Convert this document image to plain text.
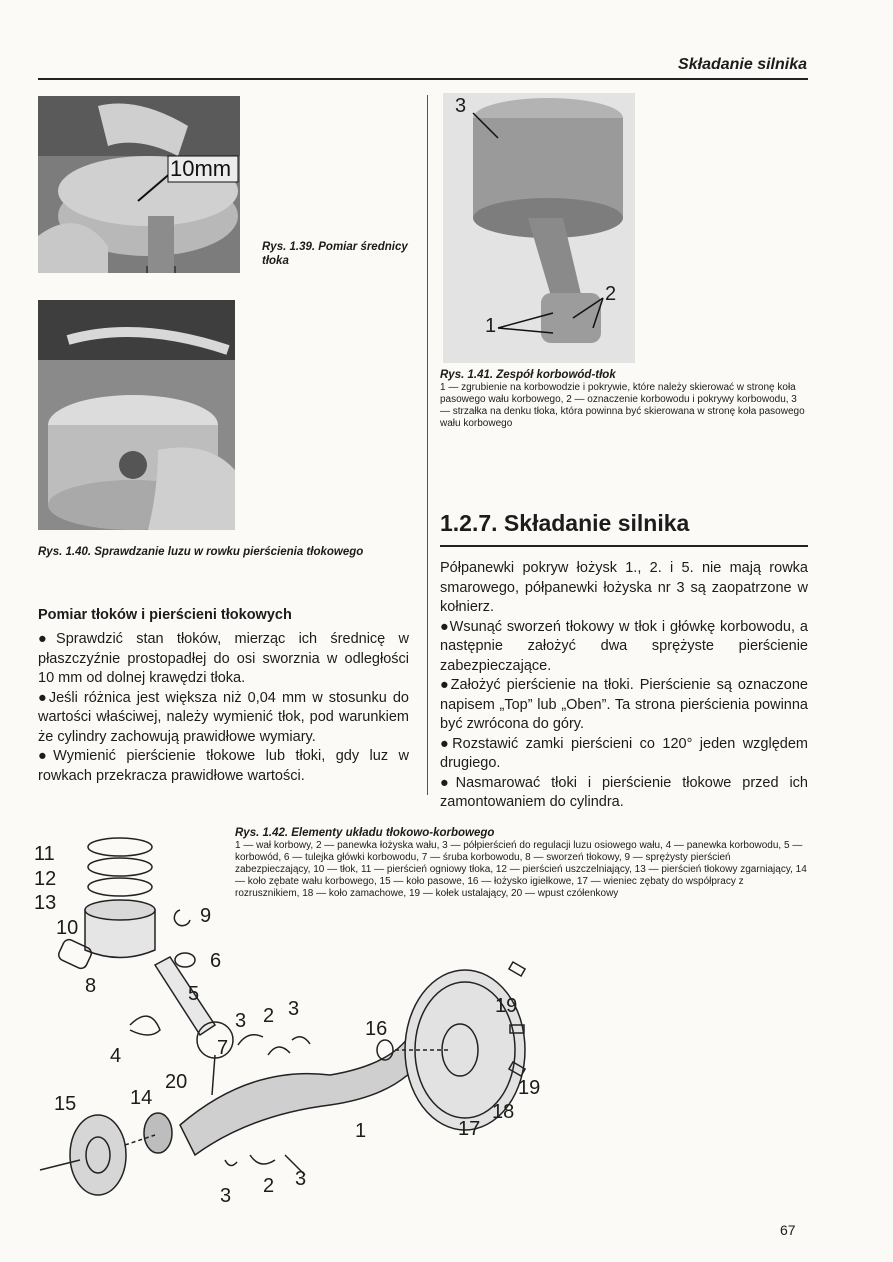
Składanie silnika
10mm
Rys. 1.39. Pomiar średnicy tłoka
Rys. 1.40. Sprawdzanie luzu w rowku pierścienia tłokowego
Pomiar tłoków i pierścieni tłokowych

●Sprawdzić stan tłoków, mierząc ich średnicę w płaszczyźnie prostopadłej do osi sworznia w odległości 10 mm od dolnej krawędzi tłoka.

●Jeśli różnica jest większa niż 0,04 mm w stosunku do wartości właściwej, należy wymienić tłok, pod warunkiem że cylindry zachowują prawidłowe wymiary.

●Wymienić pierścienie tłokowe lub tłoki, gdy luz w rowkach przekracza prawidłowe wartości.

3
2
1
Rys. 1.41. Zespół korbowód-tłok
1 — zgrubienie na korbowodzie i pokrywie, które należy skierować w stronę koła pasowego wału korbowego, 2 — oznaczenie korbowodu i pokrywy korbowodu, 3 — strzałka na denku tłoka, która powinna być skierowana w stronę koła pasowego wału korbowego
1.2.7. Składanie silnika

Półpanewki pokryw łożysk 1., 2. i 5. nie mają rowka smarowego, półpanewki łożyska nr 3 są zaopatrzone w kołnierz.

●Wsunąć sworzeń tłokowy w tłok i główkę korbowodu, a następnie założyć dwa sprężyste pierścienie zabezpieczające.

●Założyć pierścienie na tłoki. Pierścienie są oznaczone napisem „Top” lub „Oben”. Ta strona pierścienia powinna być zwrócona do góry.

●Rozstawić zamki pierścieni co 120° jeden względem drugiego.

●Nasmarować tłoki i pierścienie tłokowe przed ich zamontowaniem do cylindra.

Rys. 1.42. Elementy układu tłokowo-korbowego
1 — wał korbowy, 2 — panewka łożyska wału, 3 — półpierścień do regulacji luzu osiowego wału, 4 — panewka korbowodu, 5 — korbowód, 6 — tulejka główki korbowodu, 7 — śruba korbowodu, 8 — sworzeń tłokowy, 9 — sprężysty pierścień zabezpieczający, 10 — tłok, 11 — pierścień ogniowy tłoka, 12 — pierścień uszczelniający, 13 — pierścień tłokowy zgarniający, 14 — koło zębate wału korbowego, 15 — koło pasowe, 16 — łożysko igiełkowe, 17 — wieniec zębaty do współpracy z rozrusznikiem, 18 — koło zamachowe, 19 — kołek ustalający, 20 — wpust czółenkowy
11
12
13
10
9
8
6
5
4	7
3 2 3
16
19
19
20
15	14
1	17
18
3 2 3
67
